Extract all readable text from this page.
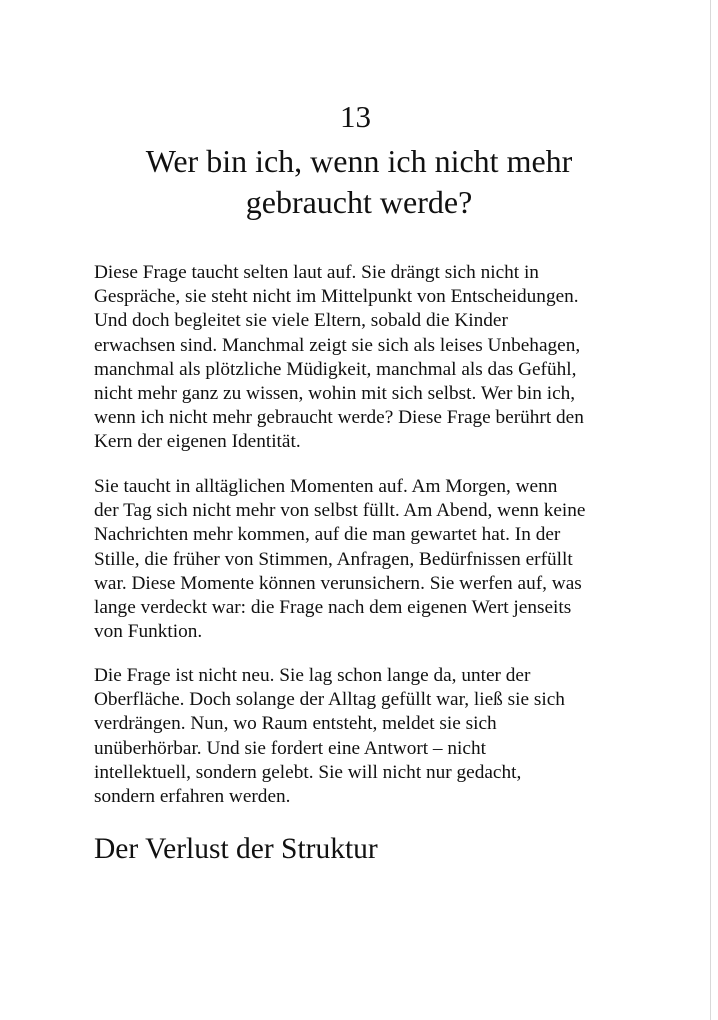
13
Wer bin ich, wenn ich nicht mehr
gebraucht werde?

Diese Frage taucht selten laut auf. Sie drängt sich nicht in
Gespräche, sie steht nicht im Mittelpunkt von Entscheidungen.
Und doch begleitet sie viele Eltern, sobald die Kinder
erwachsen sind. Manchmal zeigt sie sich als leises Unbehagen,
manchmal als plötzliche Müdigkeit, manchmal als das Gefühl,
nicht mehr ganz zu wissen, wohin mit sich selbst. Wer bin ich,
wenn ich nicht mehr gebraucht werde? Diese Frage berührt den
Kern der eigenen Identität.

Sie taucht in alltäglichen Momenten auf. Am Morgen, wenn
der Tag sich nicht mehr von selbst füllt. Am Abend, wenn keine
Nachrichten mehr kommen, auf die man gewartet hat. In der
Stille, die früher von Stimmen, Anfragen, Bedürfnissen erfüllt
war. Diese Momente können verunsichern. Sie werfen auf, was
lange verdeckt war: die Frage nach dem eigenen Wert jenseits
von Funktion.

Die Frage ist nicht neu. Sie lag schon lange da, unter der
Oberfläche. Doch solange der Alltag gefüllt war, ließ sie sich
verdrängen. Nun, wo Raum entsteht, meldet sie sich
unüberhörbar. Und sie fordert eine Antwort – nicht
intellektuell, sondern gelebt. Sie will nicht nur gedacht,
sondern erfahren werden.

Der Verlust der Struktur
